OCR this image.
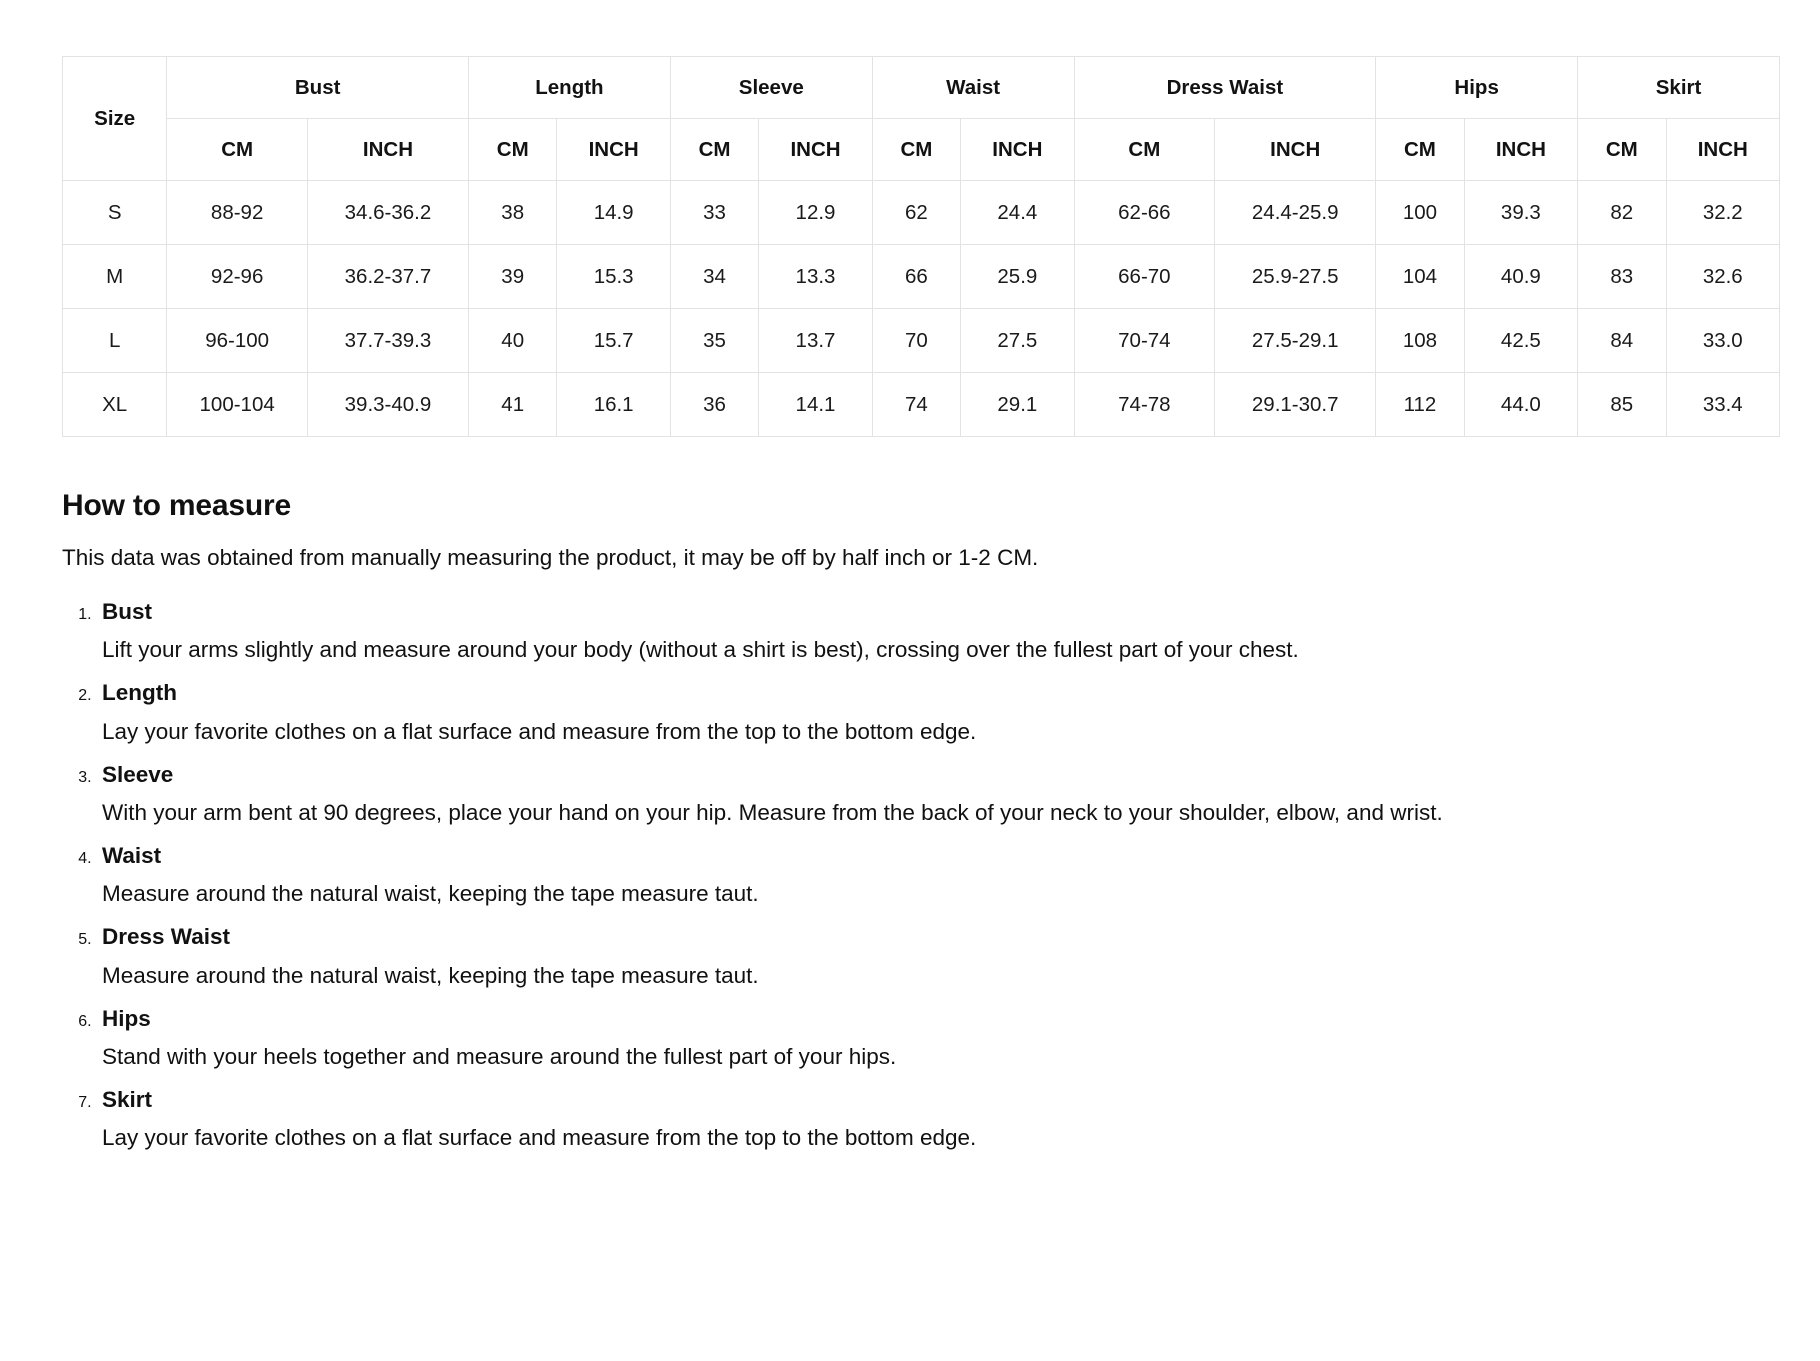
Size	Bust		Length		Sleeve		Waist		Dress Waist		Hips		Skirt	
	CM	INCH	CM	INCH	CM	INCH	CM	INCH	CM	INCH	CM	INCH	CM	INCH
S	88-92	34.6-36.2	38	14.9	33	12.9	62	24.4	62-66	24.4-25.9	100	39.3	82	32.2
M	92-96	36.2-37.7	39	15.3	34	13.3	66	25.9	66-70	25.9-27.5	104	40.9	83	32.6
L	96-100	37.7-39.3	40	15.7	35	13.7	70	27.5	70-74	27.5-29.1	108	42.5	84	33.0
XL	100-104	39.3-40.9	41	16.1	36	14.1	74	29.1	74-78	29.1-30.7	112	44.0	85	33.4
How to measure

This data was obtained from manually measuring the product, it may be off by half inch or 1-2 CM.

1. Bust
Lift your arms slightly and measure around your body (without a shirt is best), crossing over the fullest part of your chest.
2. Length
Lay your favorite clothes on a flat surface and measure from the top to the bottom edge.
3. Sleeve
With your arm bent at 90 degrees, place your hand on your hip. Measure from the back of your neck to your shoulder, elbow, and wrist.
4. Waist
Measure around the natural waist, keeping the tape measure taut.
5. Dress Waist
Measure around the natural waist, keeping the tape measure taut.
6. Hips
Stand with your heels together and measure around the fullest part of your hips.
7. Skirt
Lay your favorite clothes on a flat surface and measure from the top to the bottom edge.
